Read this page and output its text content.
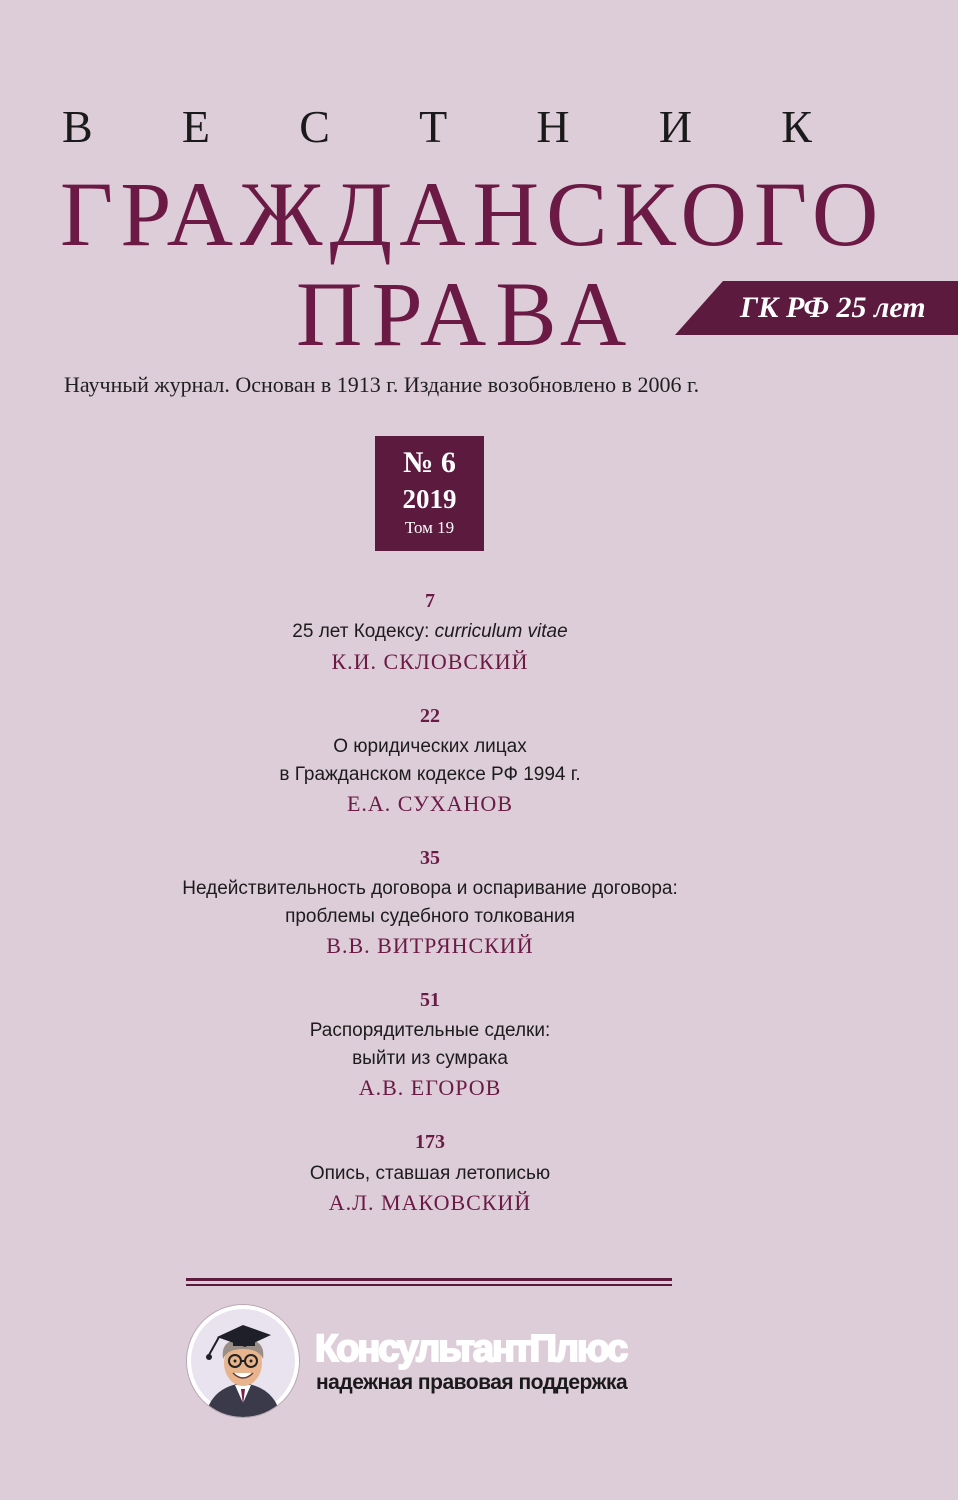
В Е С Т Н И К
ГРАЖДАНСКОГО
ПРАВА	ГК РФ 25 лет
Научный журнал. Основан в 1913 г. Издание возобновлено в 2006 г.
№ 6
2019
Том 19
7
25 лет Кодексу: curriculum vitae
К.И. СКЛОВСКИЙ
22
О юридических лицах
в Гражданском кодексе РФ 1994 г.
Е.А. СУХАНОВ
35
Недействительность договора и оспаривание договора:
проблемы судебного толкования
В.В. ВИТРЯНСКИЙ
51
Распорядительные сделки:
выйти из сумрака
А.В. ЕГОРОВ
173
Опись, ставшая летописью
А.Л. МАКОВСКИЙ
КонсультантПлюс
надежная правовая поддержка
